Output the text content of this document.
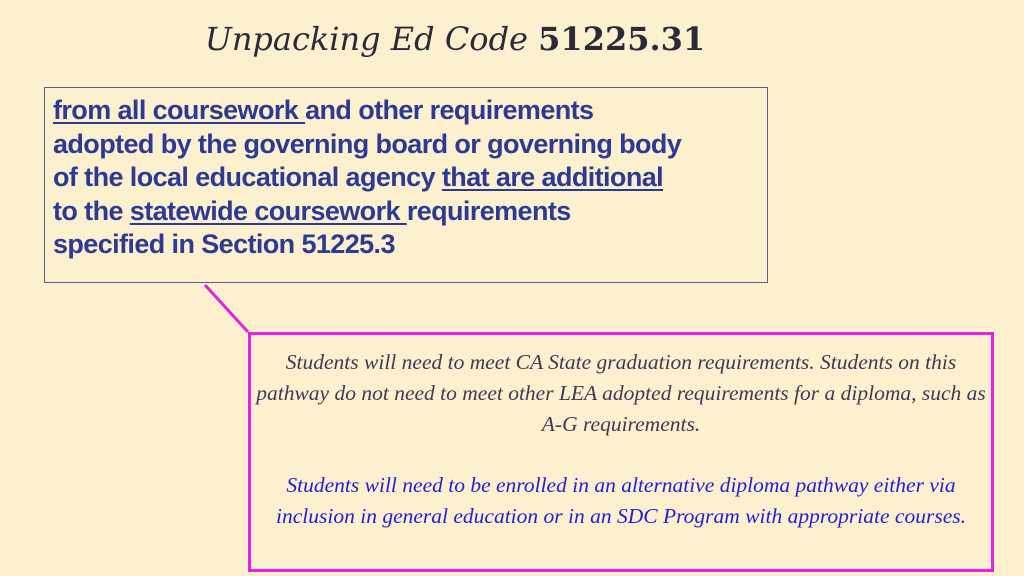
Unpacking Ed Code 51225.31
from all coursework and other requirements
adopted by the governing board or governing body
of the local educational agency that are additional
to the statewide coursework requirements
specified in Section 51225.3

Students will need to meet CA State graduation requirements. Students on this pathway do not need to meet other LEA adopted requirements for a diploma, such as A-G requirements.

Students will need to be enrolled in an alternative diploma pathway either via inclusion in general education or in an SDC Program with appropriate courses.
